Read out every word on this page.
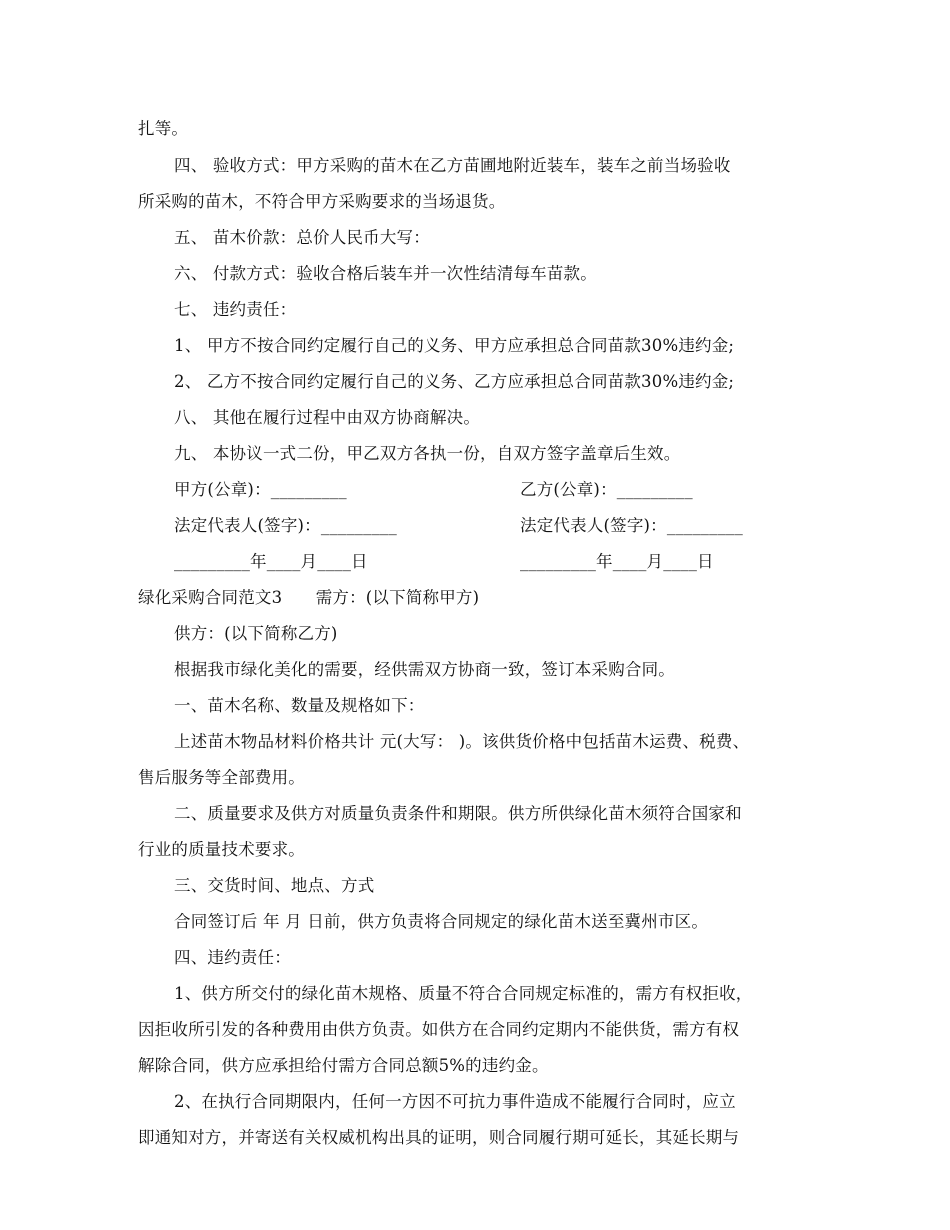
扎等。
四、 验收方式：甲方采购的苗木在乙方苗圃地附近装车，装车之前当场验收
所采购的苗木，不符合甲方采购要求的当场退货。
五、 苗木价款：总价人民币大写：
六、 付款方式：验收合格后装车并一次性结清每车苗款。
七、 违约责任：
1、 甲方不按合同约定履行自己的义务、甲方应承担总合同苗款30%违约金;
2、 乙方不按合同约定履行自己的义务、乙方应承担总合同苗款30%违约金;
八、 其他在履行过程中由双方协商解决。
九、 本协议一式二份，甲乙双方各执一份，自双方签字盖章后生效。
甲方(公章)：_________	乙方(公章)：_________
法定代表人(签字)：_________	法定代表人(签字)：_________
_________年____月____日	_________年____月____日
绿化采购合同范文3　　需方：(以下简称甲方)
供方：(以下简称乙方)
根据我市绿化美化的需要，经供需双方协商一致，签订本采购合同。
一、苗木名称、数量及规格如下：
上述苗木物品材料价格共计 元(大写： )。该供货价格中包括苗木运费、税费、
售后服务等全部费用。
二、质量要求及供方对质量负责条件和期限。供方所供绿化苗木须符合国家和
行业的质量技术要求。
三、交货时间、地点、方式
合同签订后 年 月 日前，供方负责将合同规定的绿化苗木送至冀州市区。
四、违约责任：
1、供方所交付的绿化苗木规格、质量不符合合同规定标准的，需方有权拒收，
因拒收所引发的各种费用由供方负责。如供方在合同约定期内不能供货，需方有权
解除合同，供方应承担给付需方合同总额5%的违约金。
2、在执行合同期限内，任何一方因不可抗力事件造成不能履行合同时，应立
即通知对方，并寄送有关权威机构出具的证明，则合同履行期可延长，其延长期与
